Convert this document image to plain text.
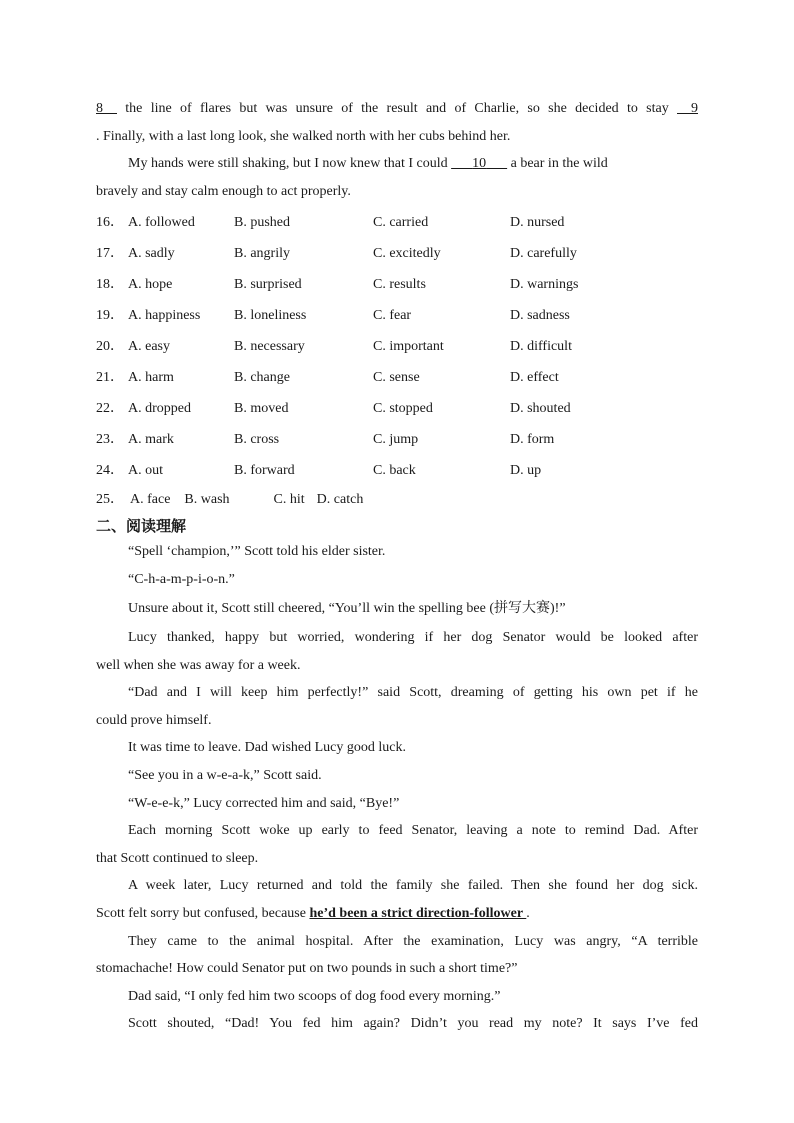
8   the line of flares but was unsure of the result and of Charlie, so she decided to stay   9
. Finally, with a last long look, she walked north with her cubs behind her.
My hands were still shaking, but I now knew that I could    10    a bear in the wild
bravely and stay calm enough to act properly.
16． A. followed	B. pushed	C. carried	D. nursed
17． A. sadly	B. angrily	C. excitedly	D. carefully
18． A. hope	B. surprised	C. results	D. warnings
19． A. happiness B. loneliness	C. fear	D. sadness
20． A. easy	B. necessary	C. important	D. difficult
21． A. harm	B. change	C. sense	D. effect
22． A. dropped	B. moved	C. stopped	D. shouted
23． A. mark	B. cross	C. jump	D. form
24． A. out	B. forward	C. back	D. up
25． A. face B. wash	C. hit D. catch
二、阅读理解
“Spell ‘champion,’” Scott told his elder sister.
“C-h-a-m-p-i-o-n.”
Unsure about it, Scott still cheered, “You’ll win the spelling bee (拼写大赛)!”
Lucy thanked, happy but worried, wondering if her dog Senator would be looked after
well when she was away for a week.
“Dad and I will keep him perfectly!” said Scott, dreaming of getting his own pet if he
could prove himself.
It was time to leave. Dad wished Lucy good luck.
“See you in a w-e-a-k,” Scott said.
“W-e-e-k,” Lucy corrected him and said, “Bye!”
Each morning Scott woke up early to feed Senator, leaving a note to remind Dad. After
that Scott continued to sleep.
A week later, Lucy returned and told the family she failed. Then she found her dog sick.
Scott felt sorry but confused, because he’d been a strict direction-follower .
They came to the animal hospital. After the examination, Lucy was angry, “A terrible
stomachache! How could Senator put on two pounds in such a short time?”
Dad said, “I only fed him two scoops of dog food every morning.”
Scott shouted, “Dad! You fed him again? Didn’t you read my note? It says I’ve fed
